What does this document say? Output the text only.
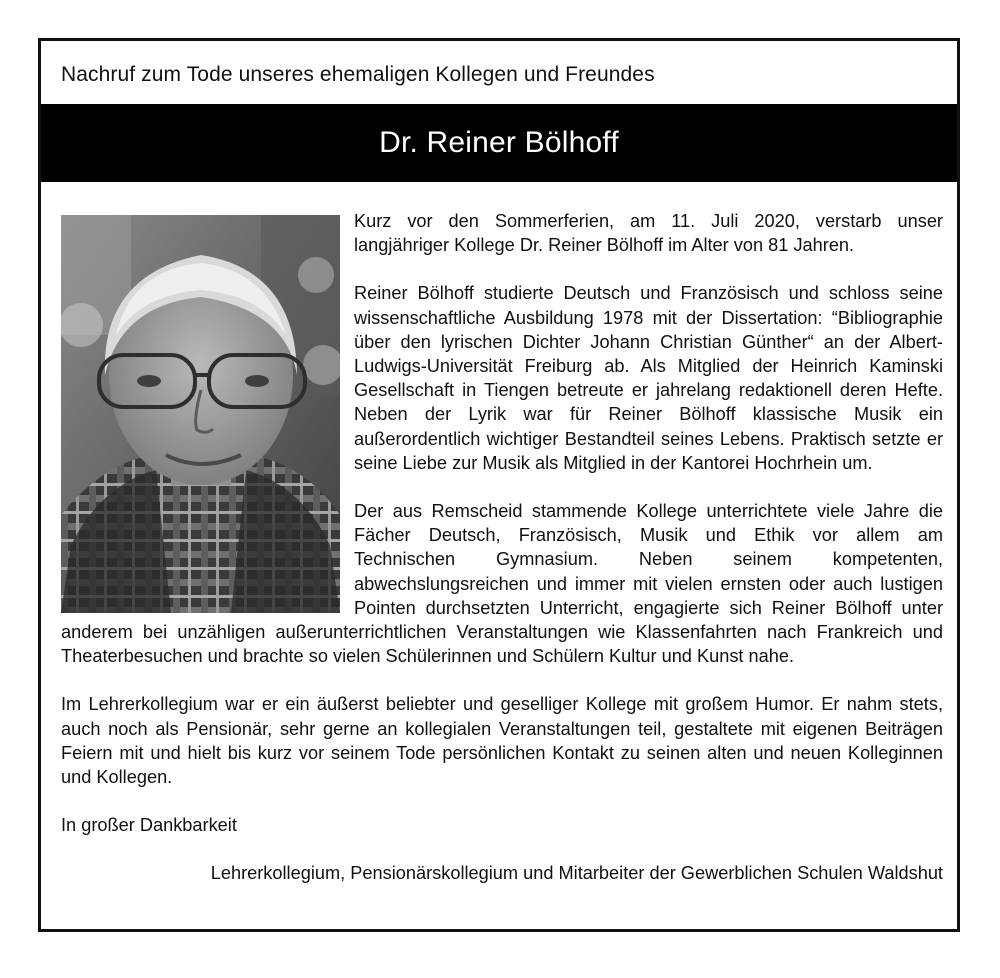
Nachruf zum Tode unseres ehemaligen Kollegen und Freundes
Dr. Reiner Bölhoff

Kurz vor den Sommerferien, am 11. Juli 2020, verstarb unser langjähriger Kollege Dr. Reiner Bölhoff im Alter von 81 Jahren.

Reiner Bölhoff studierte Deutsch und Französisch und schloss seine wissenschaftliche Ausbildung 1978 mit der Dissertation: “Bibliographie über den lyrischen Dichter Johann Christian Günther“ an der Albert-Ludwigs-Universität Freiburg ab. Als Mitglied der Heinrich Kaminski Gesellschaft in Tiengen betreute er jahrelang redaktionell deren Hefte. Neben der Lyrik war für Reiner Bölhoff klassische Musik ein außerordentlich wichtiger Bestandteil seines Lebens. Praktisch setzte er seine Liebe zur Musik als Mitglied in der Kantorei Hochrhein um.

Der aus Remscheid stammende Kollege unterrichtete viele Jahre die Fächer Deutsch, Französisch, Musik und Ethik vor allem am Technischen Gymnasium. Neben seinem kompetenten, abwechslungsreichen und immer mit vielen ernsten oder auch lustigen Pointen durchsetzten Unterricht, engagierte sich Reiner Bölhoff unter anderem bei unzähligen außerunterrichtlichen Veranstaltungen wie Klassenfahrten nach Frankreich und Theaterbesuchen und brachte so vielen Schülerinnen und Schülern Kultur und Kunst nahe.

Im Lehrerkollegium war er ein äußerst beliebter und geselliger Kollege mit großem Humor. Er nahm stets, auch noch als Pensionär, sehr gerne an kollegialen Veranstaltungen teil, gestaltete mit eigenen Beiträgen Feiern mit und hielt bis kurz vor seinem Tode persönlichen Kontakt zu seinen alten und neuen Kolleginnen und Kollegen.

In großer Dankbarkeit

Lehrerkollegium, Pensionärskollegium und Mitarbeiter der Gewerblichen Schulen Waldshut
